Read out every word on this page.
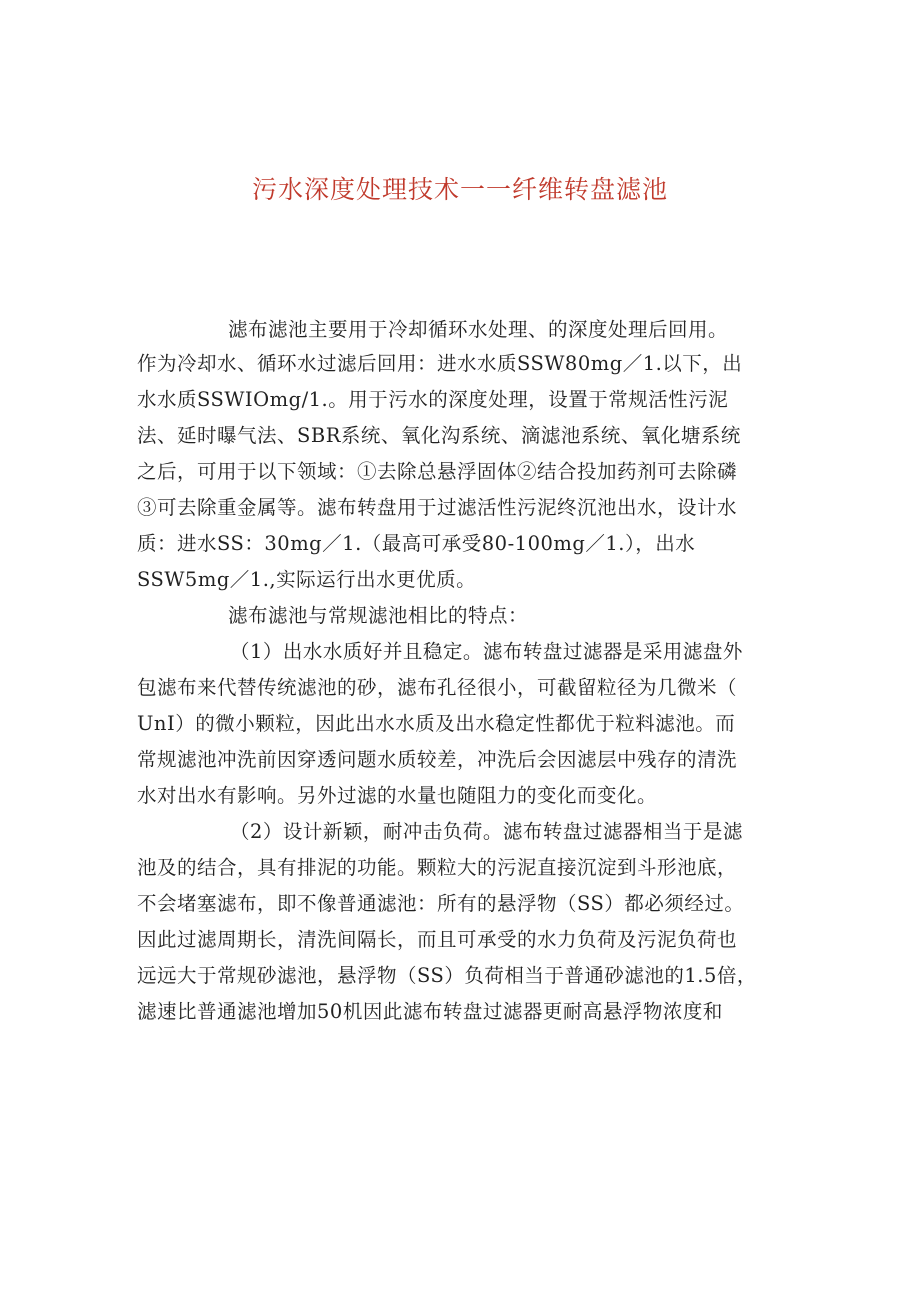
污水深度处理技术一一纤维转盘滤池
滤布滤池主要用于冷却循环水处理、的深度处理后回用。
作为冷却水、循环水过滤后回用：进水水质SSW80mg／1.以下，出
水水质SSWIOmg/1.。用于污水的深度处理，设置于常规活性污泥
法、延时曝气法、SBR系统、氧化沟系统、滴滤池系统、氧化塘系统
之后，可用于以下领域：①去除总悬浮固体②结合投加药剂可去除磷
③可去除重金属等。滤布转盘用于过滤活性污泥终沉池出水，设计水
质：进水SS：30mg／1.（最高可承受80-100mg／1.），出水
SSW5mg／1.,实际运行出水更优质。
滤布滤池与常规滤池相比的特点：
（1）出水水质好并且稳定。滤布转盘过滤器是采用滤盘外
包滤布来代替传统滤池的砂，滤布孔径很小，可截留粒径为几微米（
UnI）的微小颗粒，因此出水水质及出水稳定性都优于粒料滤池。而
常规滤池冲洗前因穿透问题水质较差，冲洗后会因滤层中残存的清洗
水对出水有影响。另外过滤的水量也随阻力的变化而变化。
（2）设计新颖，耐冲击负荷。滤布转盘过滤器相当于是滤
池及的结合，具有排泥的功能。颗粒大的污泥直接沉淀到斗形池底，
不会堵塞滤布，即不像普通滤池：所有的悬浮物（SS）都必须经过。
因此过滤周期长，清洗间隔长，而且可承受的水力负荷及污泥负荷也
远远大于常规砂滤池，悬浮物（SS）负荷相当于普通砂滤池的1.5倍，
滤速比普通滤池增加50机因此滤布转盘过滤器更耐高悬浮物浓度和
